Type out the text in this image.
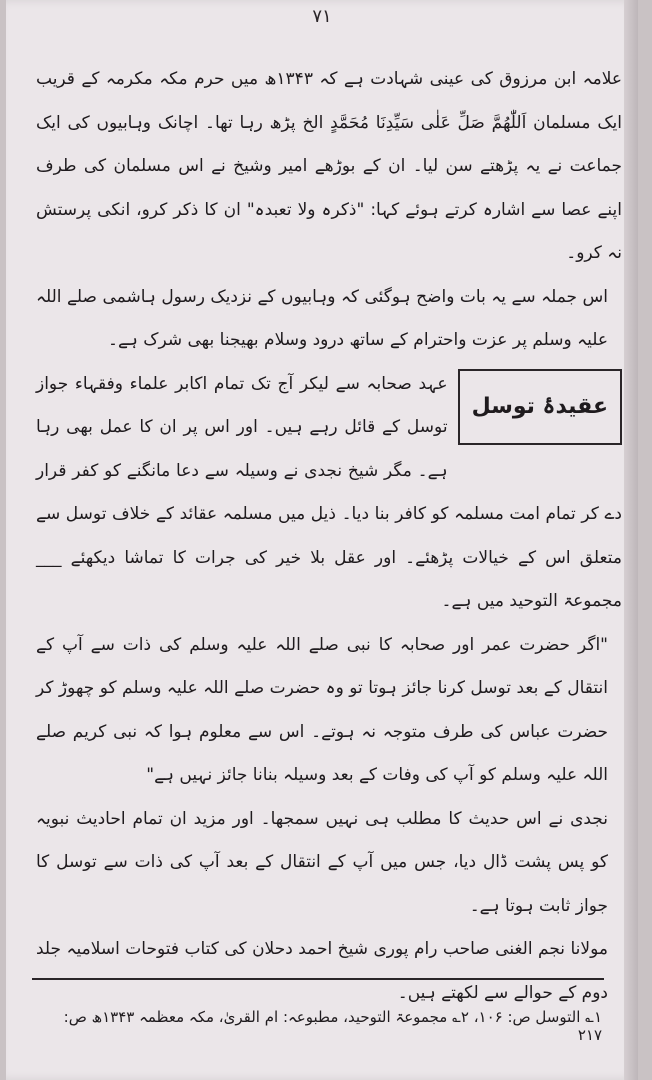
۷۱

علامہ ابن مرزوق کی عینی شہادت ہے کہ ۱۳۴۳ھ میں حرم مکہ مکرمہ کے قریب ایک مسلمان اَللّٰھُمَّ صَلِّ عَلٰی سَیِّدِنَا مُحَمَّدٍ الخ پڑھ رہا تھا۔ اچانک وہابیوں کی ایک جماعت نے یہ پڑھتے سن لیا۔ ان کے بوڑھے امیر وشیخ نے اس مسلمان کی طرف اپنے عصا سے اشارہ کرتے ہوئے کہا: "ذکرہ ولا تعبدہ" ان کا ذکر کرو، انکی پرستش نہ کرو۔

اس جملہ سے یہ بات واضح ہوگئی کہ وہابیوں کے نزدیک رسول ہاشمی صلے اللہ علیہ وسلم پر عزت واحترام کے ساتھ درود وسلام بھیجنا بھی شرک ہے۔

عقیدۂ توسل

عہد صحابہ سے لیکر آج تک تمام اکابر علماء وفقہاء جواز توسل کے قائل رہے ہیں۔ اور اس پر ان کا عمل بھی رہا ہے۔ مگر شیخ نجدی نے وسیلہ سے دعا مانگنے کو کفر قرار دے کر تمام امت مسلمہ کو کافر بنا دیا۔ ذیل میں مسلمہ عقائد کے خلاف توسل سے متعلق اس کے خیالات پڑھئے۔ اور عقل بلا خیر کی جرات کا تماشا دیکھئے ___ مجموعۃ التوحید میں ہے۔

"اگر حضرت عمر اور صحابہ کا نبی صلے اللہ علیہ وسلم کی ذات سے آپ کے انتقال کے بعد توسل کرنا جائز ہوتا تو وہ حضرت صلے اللہ علیہ وسلم کو چھوڑ کر حضرت عباس کی طرف متوجہ نہ ہوتے۔ اس سے معلوم ہوا کہ نبی کریم صلے اللہ علیہ وسلم کو آپ کی وفات کے بعد وسیلہ بنانا جائز نہیں ہے"

نجدی نے اس حدیث کا مطلب ہی نہیں سمجھا۔ اور مزید ان تمام احادیث نبویہ کو پس پشت ڈال دیا، جس میں آپ کے انتقال کے بعد آپ کی ذات سے توسل کا جواز ثابت ہوتا ہے۔

مولانا نجم الغنی صاحب رام پوری شیخ احمد دحلان کی کتاب فتوحات اسلامیہ جلد دوم کے حوالے سے لکھتے ہیں۔

۱؎ التوسل ص: ۱۰۶، ۲؎ مجموعۃ التوحید، مطبوعہ: ام القریٰ، مکہ معظمہ ۱۳۴۳ھ ص: ۲۱۷
